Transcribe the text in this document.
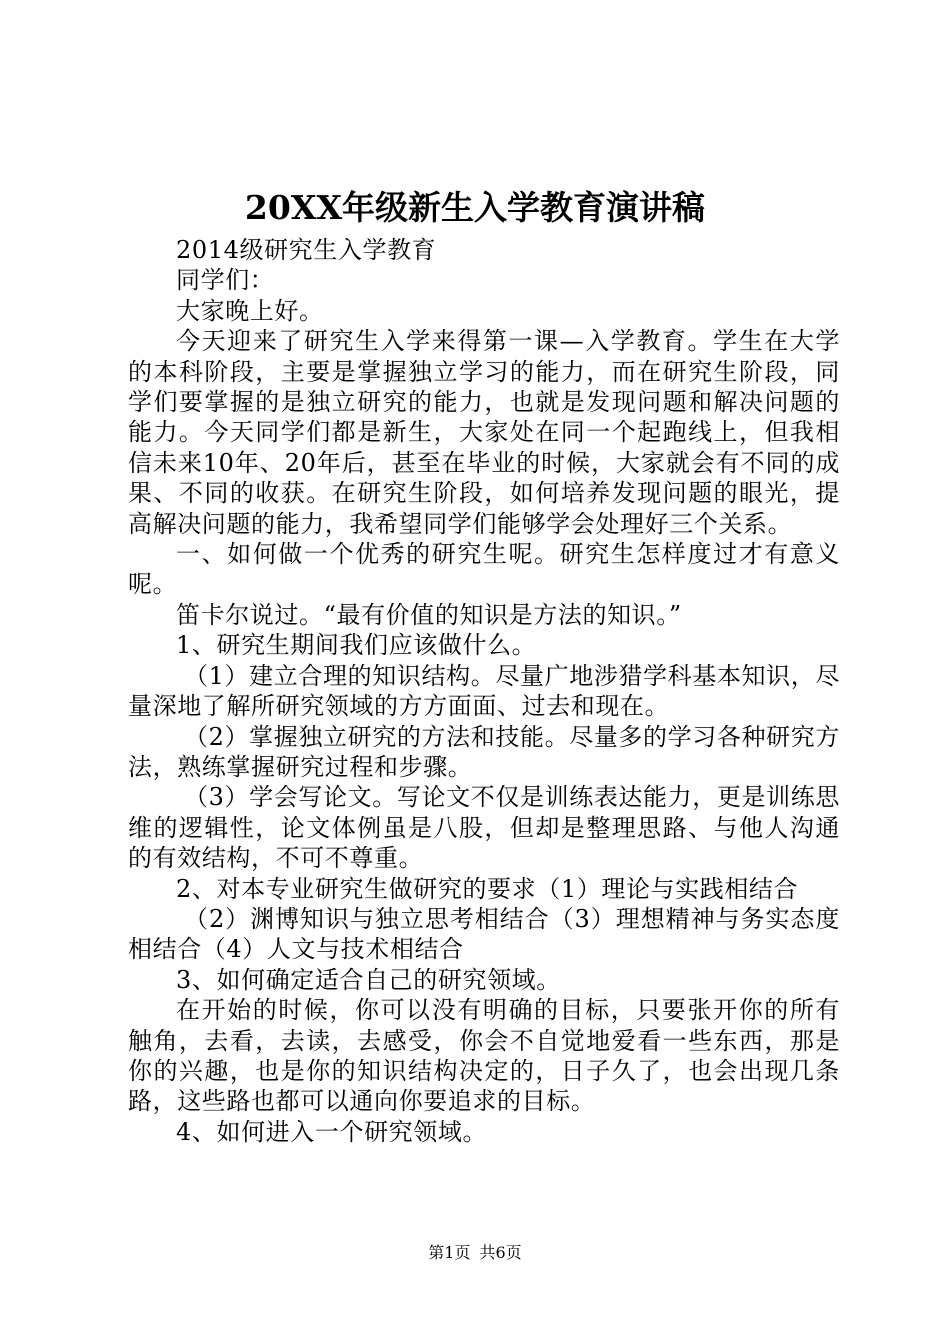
20XX年级新生入学教育演讲稿

2014级研究生入学教育

同学们：

大家晚上好。

今天迎来了研究生入学来得第一课—入学教育。学生在大学的本科阶段，主要是掌握独立学习的能力，而在研究生阶段，同学们要掌握的是独立研究的能力，也就是发现问题和解决问题的能力。今天同学们都是新生，大家处在同一个起跑线上，但我相信未来10年、20年后，甚至在毕业的时候，大家就会有不同的成果、不同的收获。在研究生阶段，如何培养发现问题的眼光，提高解决问题的能力，我希望同学们能够学会处理好三个关系。

一、如何做一个优秀的研究生呢。研究生怎样度过才有意义呢。

笛卡尔说过。“最有价值的知识是方法的知识。”

1、研究生期间我们应该做什么。

（1）建立合理的知识结构。尽量广地涉猎学科基本知识，尽量深地了解所研究领域的方方面面、过去和现在。

（2）掌握独立研究的方法和技能。尽量多的学习各种研究方法，熟练掌握研究过程和步骤。

（3）学会写论文。写论文不仅是训练表达能力，更是训练思维的逻辑性，论文体例虽是八股，但却是整理思路、与他人沟通的有效结构，不可不尊重。

2、对本专业研究生做研究的要求（1）理论与实践相结合

（2）渊博知识与独立思考相结合（3）理想精神与务实态度相结合（4）人文与技术相结合

3、如何确定适合自己的研究领域。

在开始的时候，你可以没有明确的目标，只要张开你的所有触角，去看，去读，去感受，你会不自觉地爱看一些东西，那是你的兴趣，也是你的知识结构决定的，日子久了，也会出现几条路，这些路也都可以通向你要追求的目标。

4、如何进入一个研究领域。

第1页 共6页
